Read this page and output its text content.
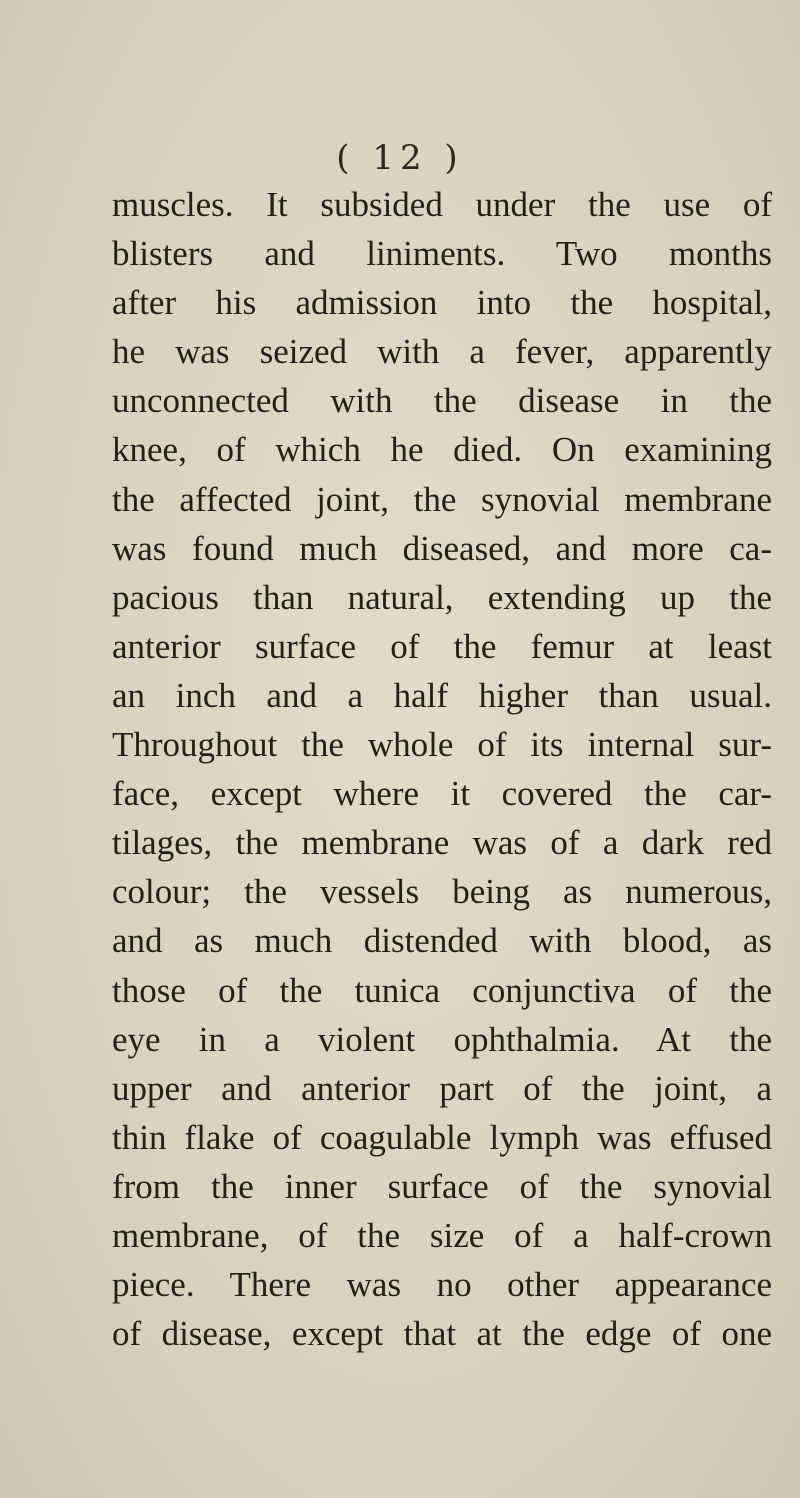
( 12 )
muscles. It subsided under the use of
blisters and liniments. Two months
after his admission into the hospital,
he was seized with a fever, apparently
unconnected with the disease in the
knee, of which he died. On examining
the affected joint, the synovial membrane
was found much diseased, and more ca-
pacious than natural, extending up the
anterior surface of the femur at least
an inch and a half higher than usual.
Throughout the whole of its internal sur-
face, except where it covered the car-
tilages, the membrane was of a dark red
colour; the vessels being as numerous,
and as much distended with blood, as
those of the tunica conjunctiva of the
eye in a violent ophthalmia. At the
upper and anterior part of the joint, a
thin flake of coagulable lymph was effused
from the inner surface of the synovial
membrane, of the size of a half-crown
piece. There was no other appearance
of disease, except that at the edge of one
